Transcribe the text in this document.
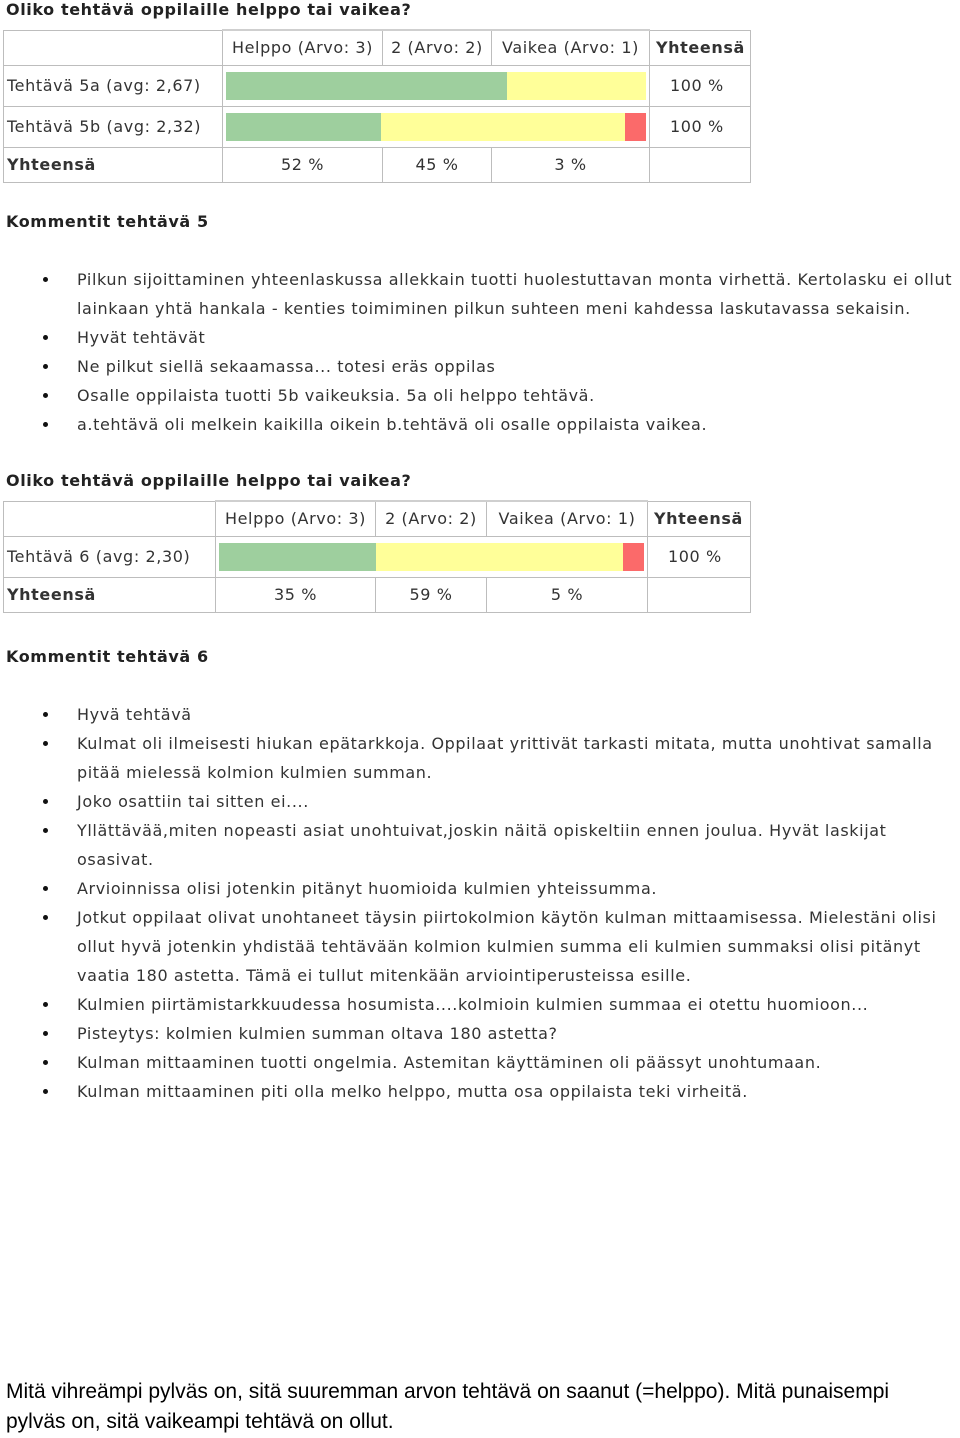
Oliko tehtävä oppilaille helppo tai vaikea?
	Helppo (Arvo: 3)	2 (Arvo: 2)	Vaikea (Arvo: 1)	Yhteensä
Tehtävä 5a (avg: 2,67)				100 %
Tehtävä 5b (avg: 2,32)				100 %
Yhteensä	52 %	45 %	3 %	
Kommentit tehtävä 5
Pilkun sijoittaminen yhteenlaskussa allekkain tuotti huolestuttavan monta virhettä. Kertolasku ei ollut lainkaan yhtä hankala - kenties toimiminen pilkun suhteen meni kahdessa laskutavassa sekaisin.
Hyvät tehtävät
Ne pilkut siellä sekaamassa... totesi eräs oppilas
Osalle oppilaista tuotti 5b vaikeuksia. 5a oli helppo tehtävä.
a.tehtävä oli melkein kaikilla oikein b.tehtävä oli osalle oppilaista vaikea.
Oliko tehtävä oppilaille helppo tai vaikea?
	Helppo (Arvo: 3)	2 (Arvo: 2)	Vaikea (Arvo: 1)	Yhteensä
Tehtävä 6 (avg: 2,30)				100 %
Yhteensä	35 %	59 %	5 %	
Kommentit tehtävä 6
Hyvä tehtävä
Kulmat oli ilmeisesti hiukan epätarkkoja. Oppilaat yrittivät tarkasti mitata, mutta unohtivat samalla pitää mielessä kolmion kulmien summan.
Joko osattiin tai sitten ei....
Yllättävää,miten nopeasti asiat unohtuivat,joskin näitä opiskeltiin ennen joulua. Hyvät laskijat osasivat.
Arvioinnissa olisi jotenkin pitänyt huomioida kulmien yhteissumma.
Jotkut oppilaat olivat unohtaneet täysin piirtokolmion käytön kulman mittaamisessa. Mielestäni olisi ollut hyvä jotenkin yhdistää tehtävään kolmion kulmien summa eli kulmien summaksi olisi pitänyt vaatia 180 astetta. Tämä ei tullut mitenkään arviointiperusteissa esille.
Kulmien piirtämistarkkuudessa hosumista....kolmioin kulmien summaa ei otettu huomioon...
Pisteytys: kolmien kulmien summan oltava 180 astetta?
Kulman mittaaminen tuotti ongelmia. Astemitan käyttäminen oli päässyt unohtumaan.
Kulman mittaaminen piti olla melko helppo, mutta osa oppilaista teki virheitä.

Mitä vihreämpi pylväs on, sitä suuremman arvon tehtävä on saanut (=helppo). Mitä punaisempi pylväs on, sitä vaikeampi tehtävä on ollut.
